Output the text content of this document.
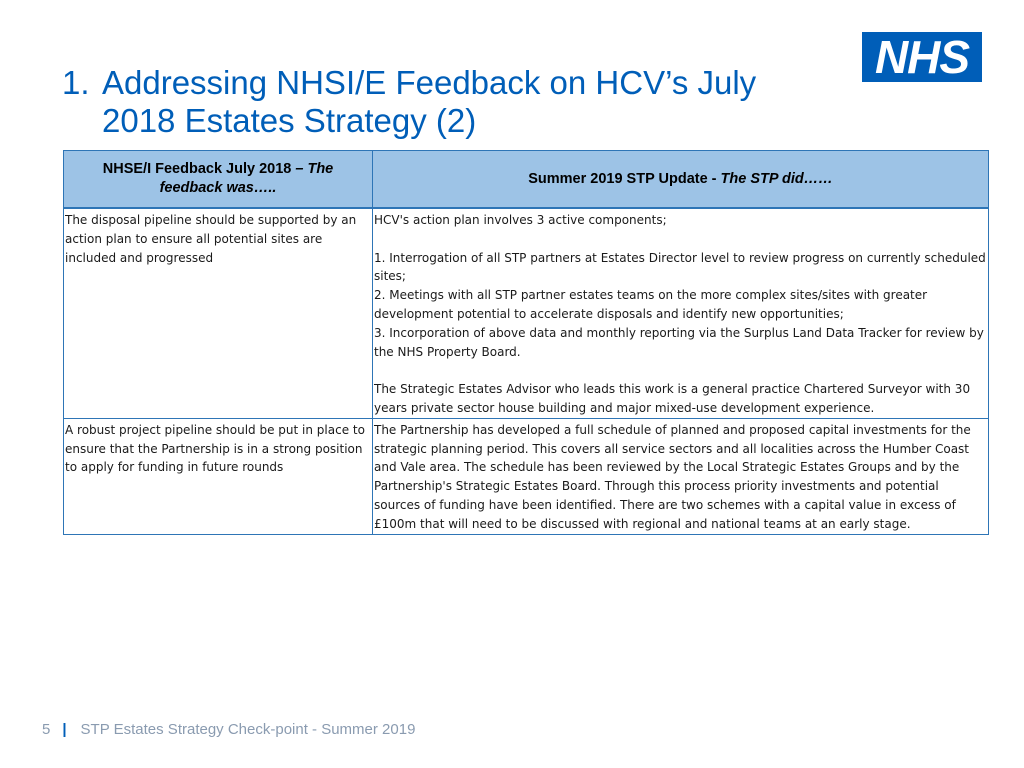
1. Addressing NHSI/E Feedback on HCV’s July 2018 Estates Strategy (2)
NHS
NHSE/I Feedback July 2018 – The feedback was…..	Summer 2019 STP Update - The STP did……
The disposal pipeline should be supported by an action plan to ensure all potential sites are included and progressed	HCV's action plan involves 3 active components;
1. Interrogation of all STP partners at Estates Director level to review progress on currently scheduled sites;
2. Meetings with all STP partner estates teams on the more complex sites/sites with greater development potential to accelerate disposals and identify new opportunities;
3. Incorporation of above data and monthly reporting via the Surplus Land Data Tracker for review by the NHS Property Board.
The Strategic Estates Advisor who leads this work is a general practice Chartered Surveyor with 30 years private sector house building and major mixed-use development experience.

A robust project pipeline should be put in place to ensure that the Partnership is in a strong position to apply for funding in future rounds	The Partnership has developed a full schedule of planned and proposed capital investments for the strategic planning period. This covers all service sectors and all localities across the Humber Coast and Vale area. The schedule has been reviewed by the Local Strategic Estates Groups and by the Partnership's Strategic Estates Board. Through this process priority investments and potential sources of funding have been identified. There are two schemes with a capital value in excess of £100m that will need to be discussed with regional and national teams at an early stage.
5 | STP Estates Strategy Check-point - Summer 2019
